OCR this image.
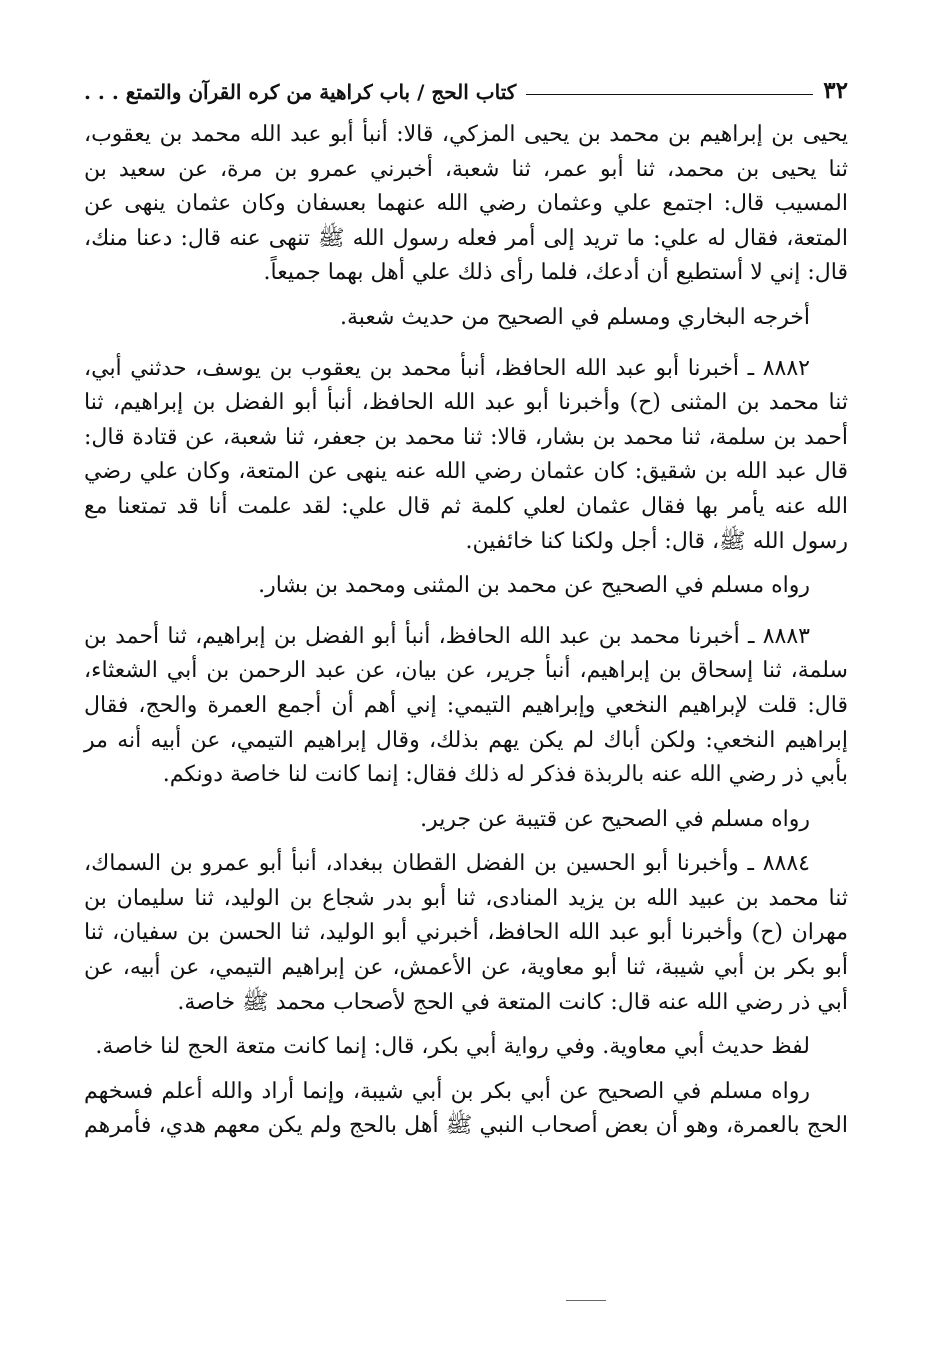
٣٢
كتاب الحج / باب كراهية من كره القرآن والتمتع . . .

يحيى بن إبراهيم بن محمد بن يحيى المزكي، قالا: أنبأ أبو عبد الله محمد بن يعقوب، ثنا يحيى بن محمد، ثنا أبو عمر، ثنا شعبة، أخبرني عمرو بن مرة، عن سعيد بن المسيب قال: اجتمع علي وعثمان رضي الله عنهما بعسفان وكان عثمان ينهى عن المتعة، فقال له علي: ما تريد إلى أمر فعله رسول الله ﷺ تنهى عنه قال: دعنا منك، قال: إني لا أستطيع أن أدعك، فلما رأى ذلك علي أهل بهما جميعاً.

أخرجه البخاري ومسلم في الصحيح من حديث شعبة.

٨٨٨٢ ـ أخبرنا أبو عبد الله الحافظ، أنبأ محمد بن يعقوب بن يوسف، حدثني أبي، ثنا محمد بن المثنى (ح) وأخبرنا أبو عبد الله الحافظ، أنبأ أبو الفضل بن إبراهيم، ثنا أحمد بن سلمة، ثنا محمد بن بشار، قالا: ثنا محمد بن جعفر، ثنا شعبة، عن قتادة قال: قال عبد الله بن شقيق: كان عثمان رضي الله عنه ينهى عن المتعة، وكان علي رضي الله عنه يأمر بها فقال عثمان لعلي كلمة ثم قال علي: لقد علمت أنا قد تمتعنا مع رسول الله ﷺ، قال: أجل ولكنا كنا خائفين.

رواه مسلم في الصحيح عن محمد بن المثنى ومحمد بن بشار.

٨٨٨٣ ـ أخبرنا محمد بن عبد الله الحافظ، أنبأ أبو الفضل بن إبراهيم، ثنا أحمد بن سلمة، ثنا إسحاق بن إبراهيم، أنبأ جرير، عن بيان، عن عبد الرحمن بن أبي الشعثاء، قال: قلت لإبراهيم النخعي وإبراهيم التيمي: إني أهم أن أجمع العمرة والحج، فقال إبراهيم النخعي: ولكن أباك لم يكن يهم بذلك، وقال إبراهيم التيمي، عن أبيه أنه مر بأبي ذر رضي الله عنه بالربذة فذكر له ذلك فقال: إنما كانت لنا خاصة دونكم.

رواه مسلم في الصحيح عن قتيبة عن جرير.

٨٨٨٤ ـ وأخبرنا أبو الحسين بن الفضل القطان ببغداد، أنبأ أبو عمرو بن السماك، ثنا محمد بن عبيد الله بن يزيد المنادى، ثنا أبو بدر شجاع بن الوليد، ثنا سليمان بن مهران (ح) وأخبرنا أبو عبد الله الحافظ، أخبرني أبو الوليد، ثنا الحسن بن سفيان، ثنا أبو بكر بن أبي شيبة، ثنا أبو معاوية، عن الأعمش، عن إبراهيم التيمي، عن أبيه، عن أبي ذر رضي الله عنه قال: كانت المتعة في الحج لأصحاب محمد ﷺ خاصة.

لفظ حديث أبي معاوية. وفي رواية أبي بكر، قال: إنما كانت متعة الحج لنا خاصة.

رواه مسلم في الصحيح عن أبي بكر بن أبي شيبة، وإنما أراد والله أعلم فسخهم الحج بالعمرة، وهو أن بعض أصحاب النبي ﷺ أهل بالحج ولم يكن معهم هدي، فأمرهم
